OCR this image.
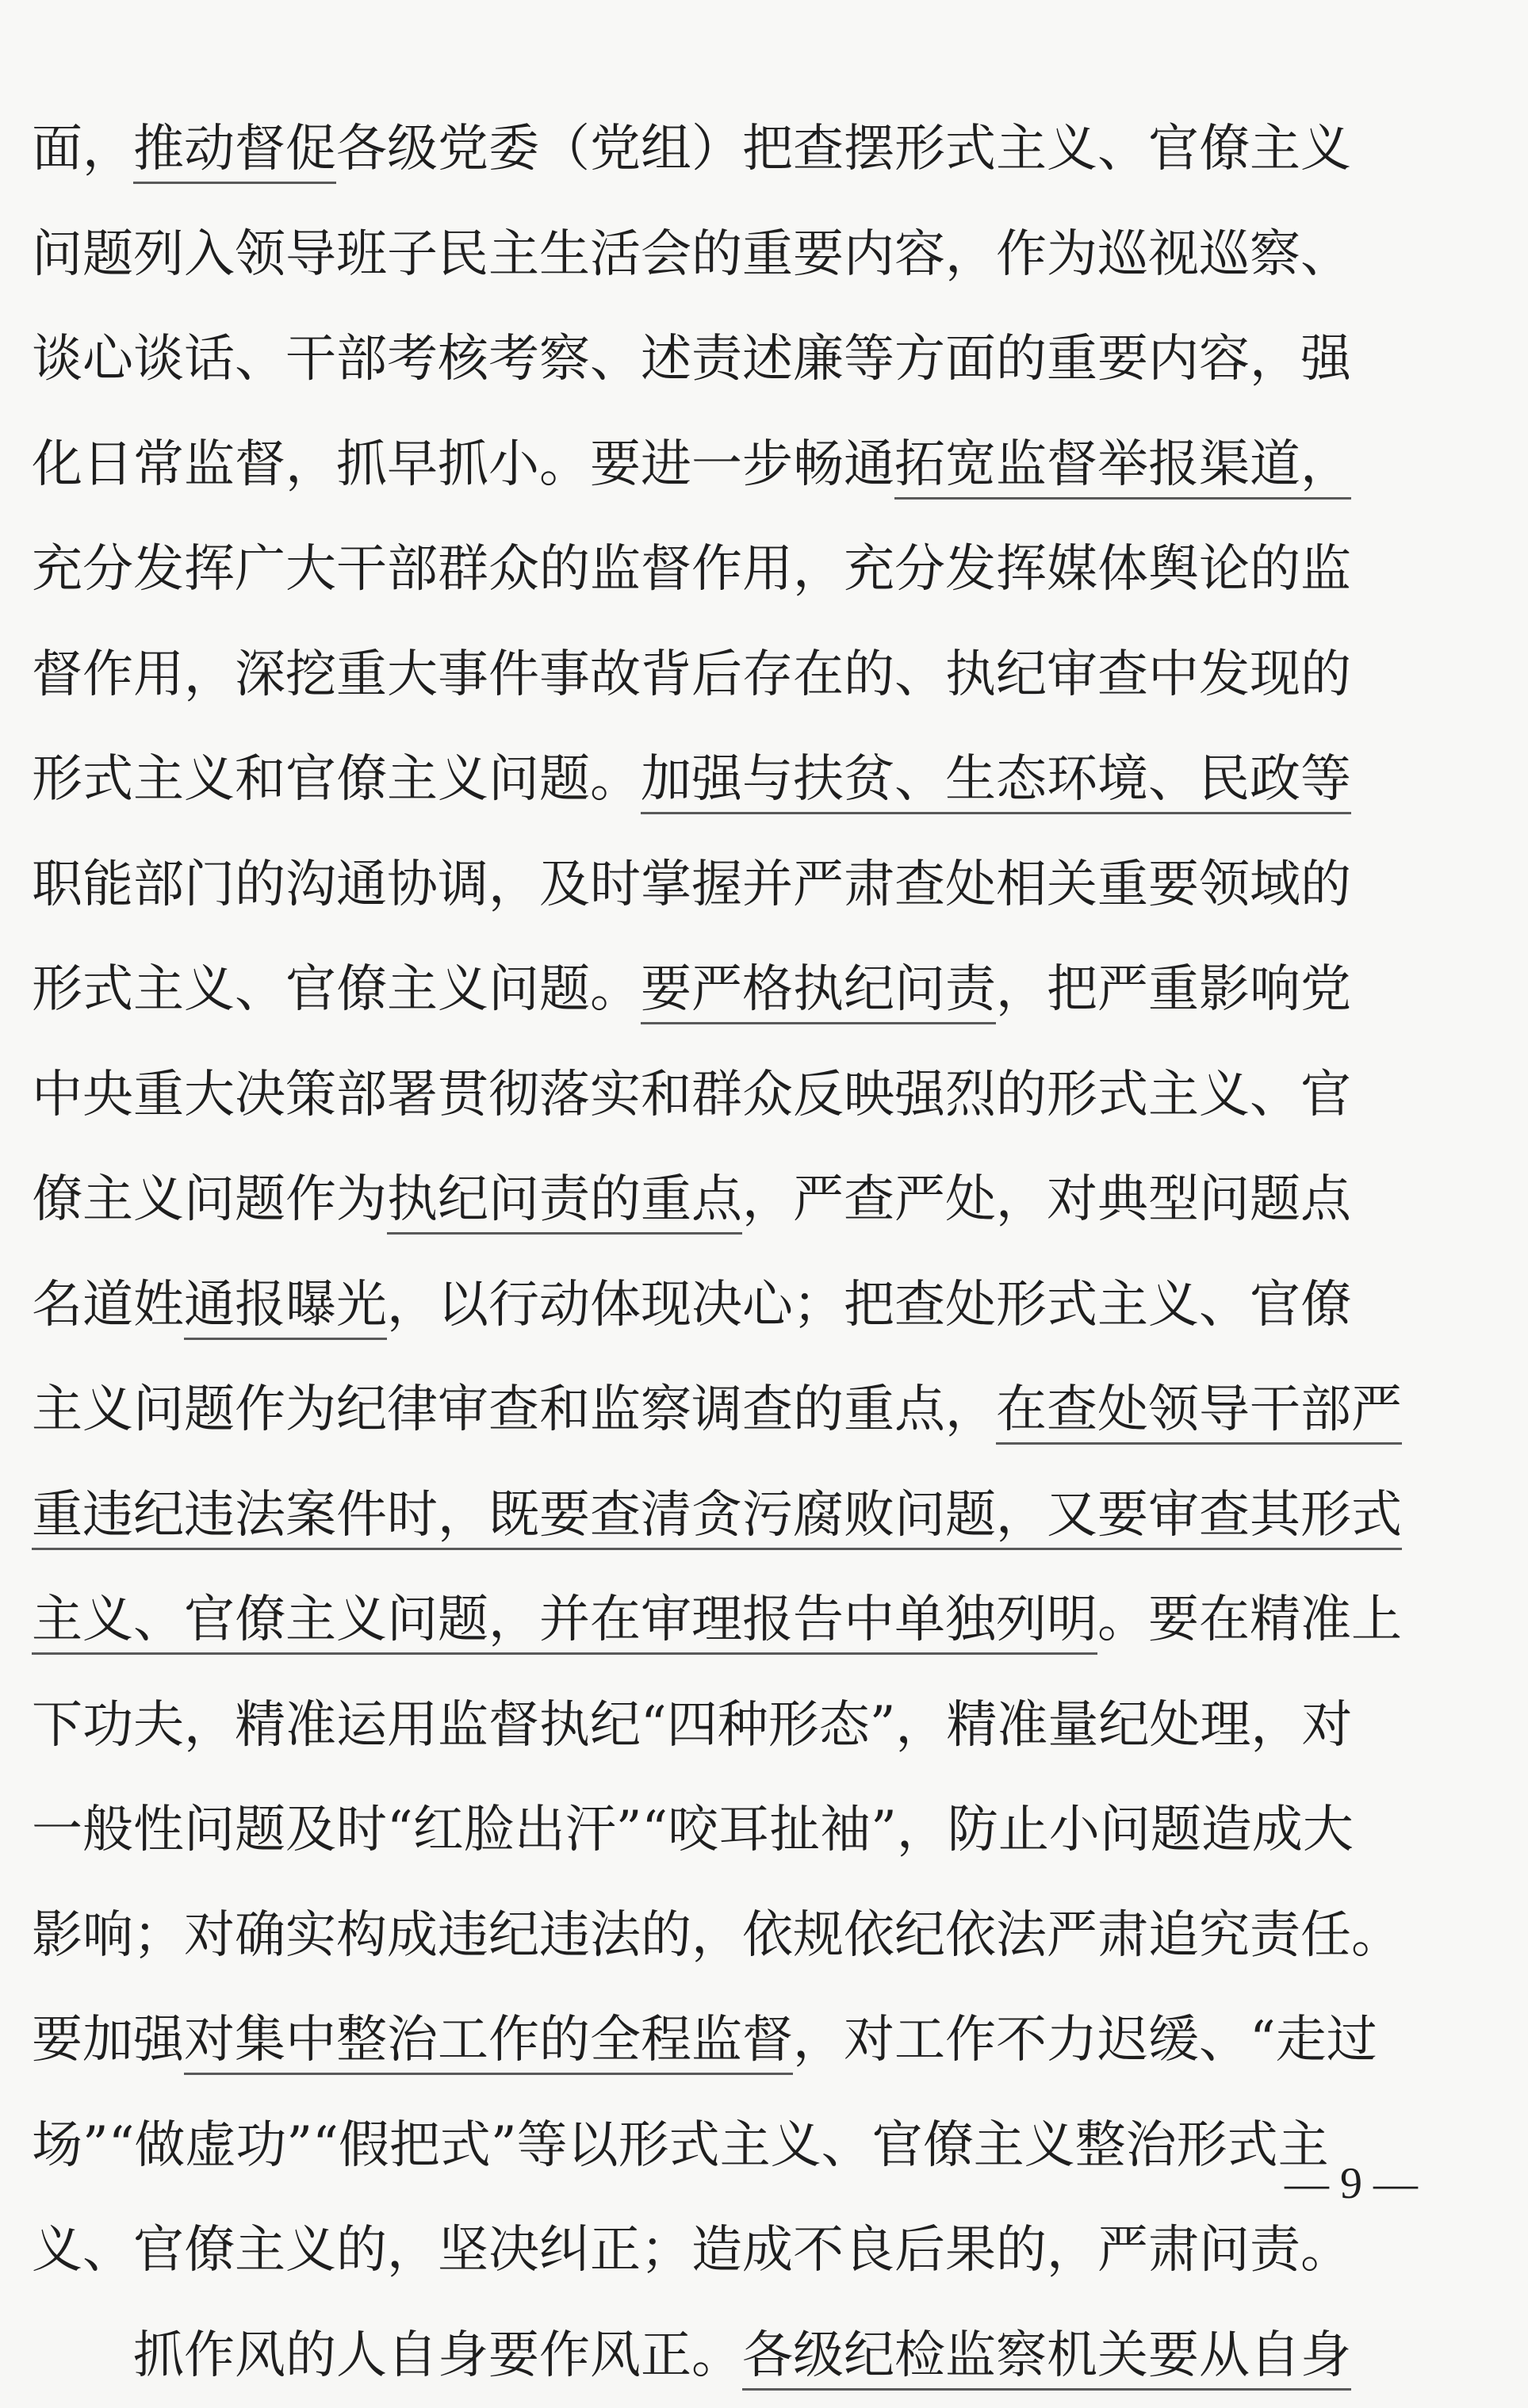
面，推动督促各级党委（党组）把查摆形式主义、官僚主义
问题列入领导班子民主生活会的重要内容，作为巡视巡察、
谈心谈话、干部考核考察、述责述廉等方面的重要内容，强
化日常监督，抓早抓小。要进一步畅通拓宽监督举报渠道，
充分发挥广大干部群众的监督作用，充分发挥媒体舆论的监
督作用，深挖重大事件事故背后存在的、执纪审查中发现的
形式主义和官僚主义问题。加强与扶贫、生态环境、民政等
职能部门的沟通协调，及时掌握并严肃查处相关重要领域的
形式主义、官僚主义问题。要严格执纪问责，把严重影响党
中央重大决策部署贯彻落实和群众反映强烈的形式主义、官
僚主义问题作为执纪问责的重点，严查严处，对典型问题点
名道姓通报曝光，以行动体现决心；把查处形式主义、官僚
主义问题作为纪律审查和监察调查的重点，在查处领导干部严
重违纪违法案件时，既要查清贪污腐败问题，又要审查其形式
主义、官僚主义问题，并在审理报告中单独列明。要在精准上
下功夫，精准运用监督执纪“四种形态”，精准量纪处理，对
一般性问题及时“红脸出汗”“咬耳扯袖”，防止小问题造成大
影响；对确实构成违纪违法的，依规依纪依法严肃追究责任。
要加强对集中整治工作的全程监督，对工作不力迟缓、“走过
场”“做虚功”“假把式”等以形式主义、官僚主义整治形式主
义、官僚主义的，坚决纠正；造成不良后果的，严肃问责。
抓作风的人自身要作风正。各级纪检监察机关要从自身
— 9 —
